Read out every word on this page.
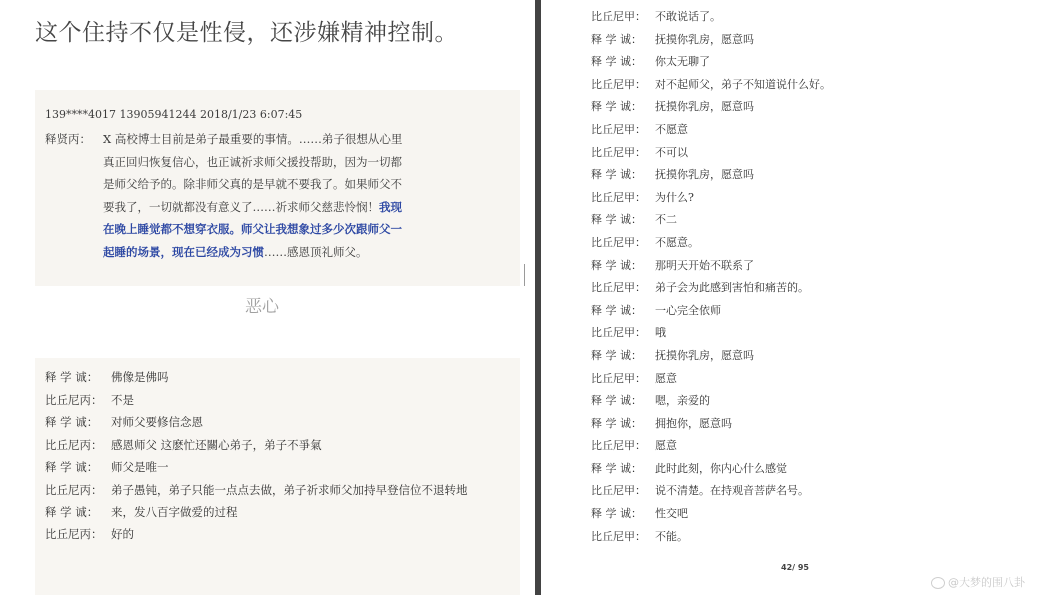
这个住持不仅是性侵，还涉嫌精神控制。
139****4017 13905941244 2018/1/23 6:07:45
释贤丙： X 高校博士目前是弟子最重要的事情。……弟子很想从心里
真正回归恢复信心，也正诚祈求师父援投帮助，因为一切都
是师父给予的。除非师父真的是早就不要我了。如果师父不
要我了，一切就都没有意义了……祈求师父慈悲怜悯！我现
在晚上睡觉都不想穿衣服。师父让我想象过多少次跟师父一
起睡的场景，现在已经成为习惯……感恩顶礼师父。
恶心
释 学 诚： 佛像是佛吗
比丘尼丙： 不是
释 学 诚： 对师父要修信念恩
比丘尼丙： 感恩师父 这麽忙还關心弟子，弟子不爭氣
释 学 诚： 师父是唯一
比丘尼丙： 弟子愚钝，弟子只能一点点去做，弟子祈求师父加持早登信位不退转地
释 学 诚： 来，发八百字做爱的过程
比丘尼丙： 好的
比丘尼甲： 不敢说话了。
释 学 诚： 抚摸你乳房，愿意吗
释 学 诚： 你太无聊了
比丘尼甲： 对不起师父，弟子不知道说什么好。
释 学 诚： 抚摸你乳房，愿意吗
比丘尼甲： 不愿意
比丘尼甲： 不可以
释 学 诚： 抚摸你乳房，愿意吗
比丘尼甲： 为什么?
释 学 诚： 不二
比丘尼甲： 不愿意。
释 学 诚： 那明天开始不联系了
比丘尼甲： 弟子会为此感到害怕和痛苦的。
释 学 诚： 一心完全依师
比丘尼甲： 哦
释 学 诚： 抚摸你乳房，愿意吗
比丘尼甲： 愿意
释 学 诚： 嗯，亲爱的
释 学 诚： 拥抱你，愿意吗
比丘尼甲： 愿意
释 学 诚： 此时此刻，你内心什么感觉
比丘尼甲： 说不清楚。在持观音菩萨名号。
释 学 诚： 性交吧
比丘尼甲： 不能。
42/ 95
@大梦的围八卦
